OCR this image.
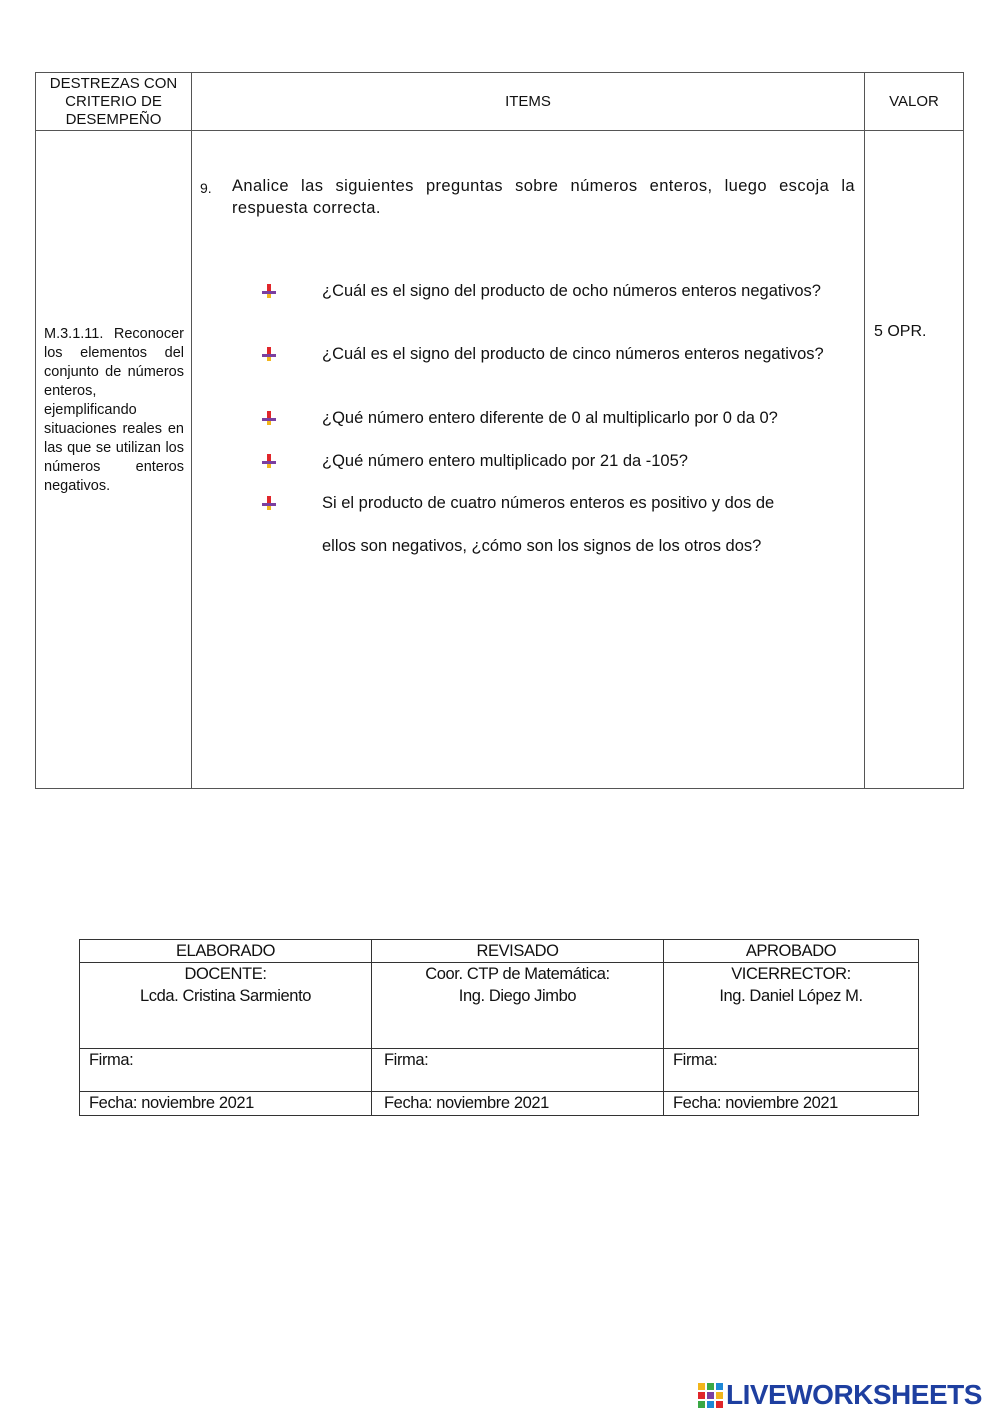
DESTREZAS CON CRITERIO DE DESEMPEÑO
ITEMS	VALOR
M.3.1.11. Reconocer los elementos del conjunto de números enteros, ejemplificando situaciones reales en las que se utilizan los números enteros negativos.
5 OPR.
9. Analice las siguientes preguntas sobre números enteros, luego escoja la respuesta correcta.
¿Cuál es el signo del producto de ocho números enteros negativos?
¿Cuál es el signo del producto de cinco números enteros negativos?
¿Qué número entero diferente de 0 al multiplicarlo por 0 da 0?
¿Qué número entero multiplicado por 21 da -105?
Si el producto de cuatro números enteros es positivo y dos de
ellos son negativos, ¿cómo son los signos de los otros dos?
ELABORADO
DOCENTE:
Lcda. Cristina Sarmiento
Firma:
Fecha: noviembre 2021
REVISADO
Coor. CTP de Matemática:
Ing. Diego Jimbo
Firma:
Fecha: noviembre 2021
APROBADO
VICERRECTOR:
Ing. Daniel López M.
Firma:
Fecha: noviembre 2021
LIVEWORKSHEETS
